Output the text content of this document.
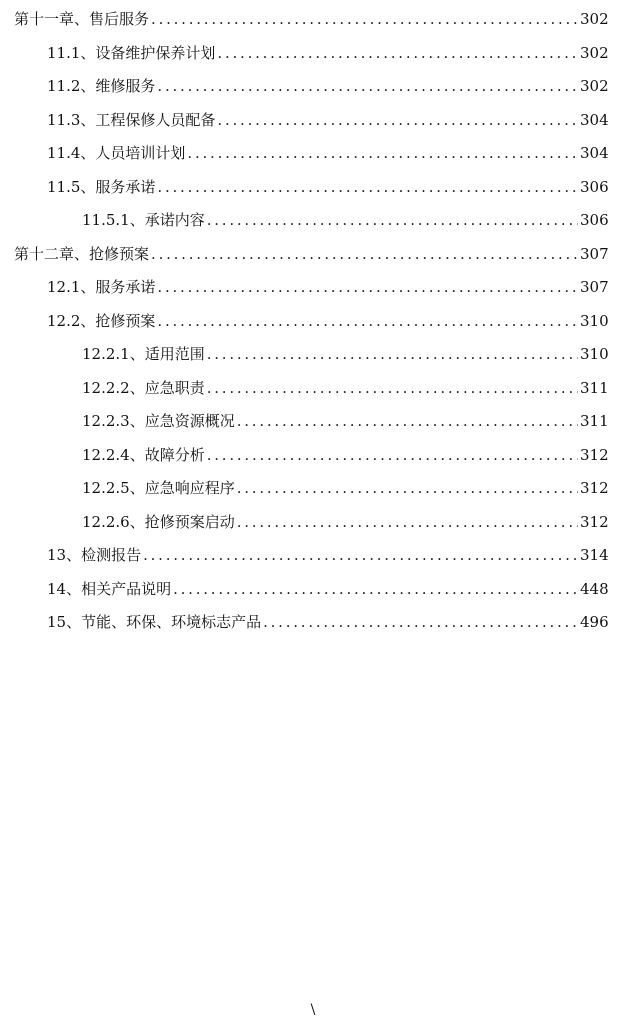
第十一章、 售后服务 . . .	302
11.1、 设备维护保养计划 . . .	302
11.2、 维修服务 . . .	302
11.3、 工程保修人员配备 . . .	304
11.4、 人员培训计划 . . .	304
11.5、 服务承诺 . . .	306
11.5.1、 承诺内容 . . .	306
第十二章、 抢修预案 . . .	307
12.1、 服务承诺 . . .	307
12.2、 抢修预案 . . .	310
12.2.1、 适用范围 . . .	310
12.2.2、 应急职责 . . .	311
12.2.3、 应急资源概况 . . .	311
12.2.4、 故障分析 . . .	312
12.2.5、 应急响应程序 . . .	312
12.2.6、 抢修预案启动 . . .	312
13、 检测报告 . . .	314
14、 相关产品说明 . . .	448
15、 节能、环保、环境标志产品 . . .	496
\
